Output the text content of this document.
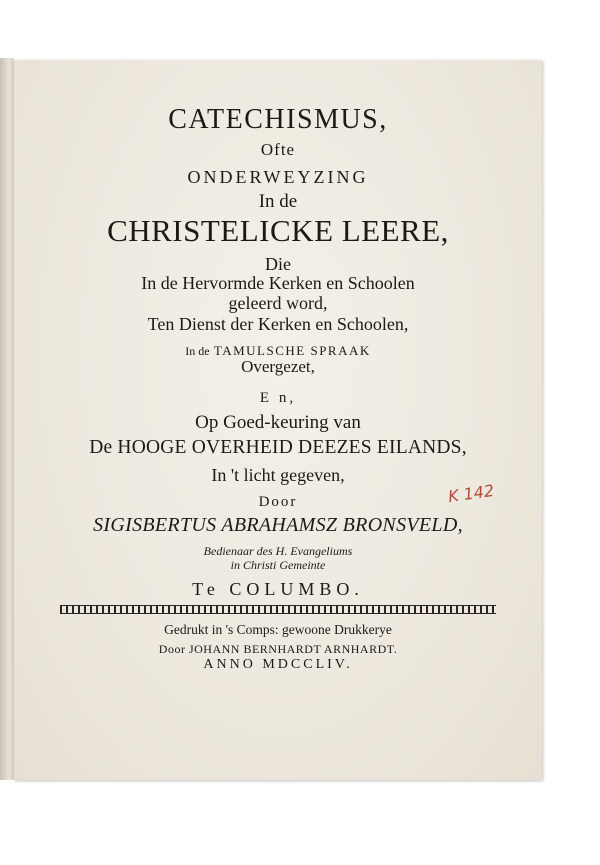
CATECHISMUS,
Ofte
ONDERWEYZING
In de
CHRISTELICKE LEERE,
Die
In de Hervormde Kerken en Schoolen
geleerd word,
Ten Dienst der Kerken en Schoolen,
In de TAMULSCHE SPRAAK
Overgezet,
E n,
Op Goed-keuring van
De HOOGE OVERHEID DEEZES EILANDS,
In 't licht gegeven,
Door
SIGISBERTUS ABRAHAMSZ BRONSVELD,
Bedienaar des H. Evangeliums
in Christi Gemeinte
Te COLUMBO.
Gedrukt in 's Comps: gewoone Drukkerye
Door JOHANN BERNHARDT ARNHARDT.
ANNO MDCCLIV.
K 142
